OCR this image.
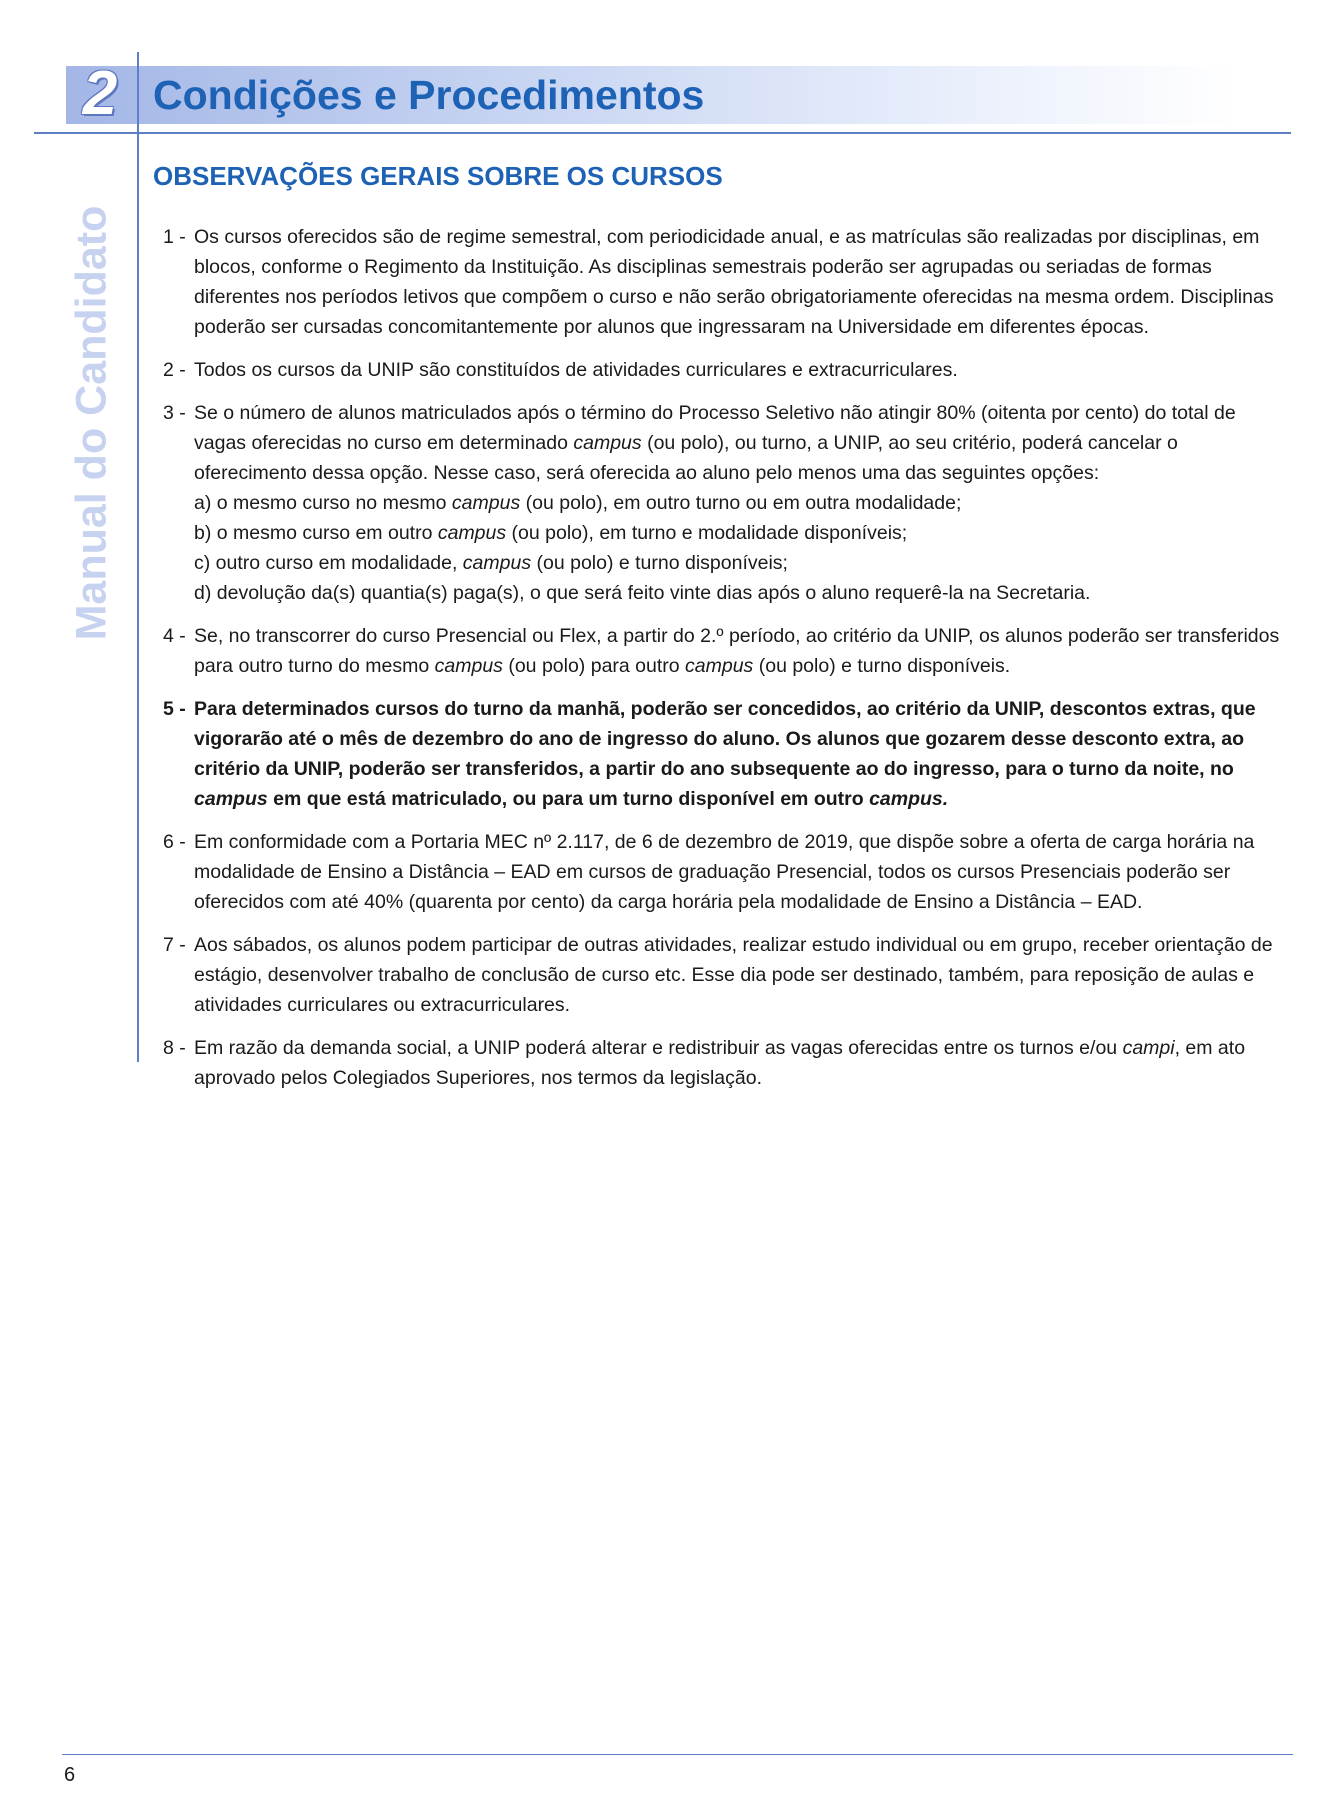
2 Condições e Procedimentos
Manual do Candidato
OBSERVAÇÕES GERAIS SOBRE OS CURSOS
1 - Os cursos oferecidos são de regime semestral, com periodicidade anual, e as matrículas são realizadas por disciplinas, em blocos, conforme o Regimento da Instituição. As disciplinas semestrais poderão ser agrupadas ou seriadas de formas diferentes nos períodos letivos que compõem o curso e não serão obrigatoriamente oferecidas na mesma ordem. Disciplinas poderão ser cursadas concomitantemente por alunos que ingressaram na Universidade em diferentes épocas.

2 - Todos os cursos da UNIP são constituídos de atividades curriculares e extracurriculares.

3 - Se o número de alunos matriculados após o término do Processo Seletivo não atingir 80% (oitenta por cento) do total de vagas oferecidas no curso em determinado campus (ou polo), ou turno, a UNIP, ao seu critério, poderá cancelar o oferecimento dessa opção. Nesse caso, será oferecida ao aluno pelo menos uma das seguintes opções:

a) o mesmo curso no mesmo campus (ou polo), em outro turno ou em outra modalidade;

b) o mesmo curso em outro campus (ou polo), em turno e modalidade disponíveis;

c) outro curso em modalidade, campus (ou polo) e turno disponíveis;

d) devolução da(s) quantia(s) paga(s), o que será feito vinte dias após o aluno requerê-la na Secretaria.

4 - Se, no transcorrer do curso Presencial ou Flex, a partir do 2.º período, ao critério da UNIP, os alunos poderão ser transferidos para outro turno do mesmo campus (ou polo) para outro campus (ou polo) e turno disponíveis.

5 - Para determinados cursos do turno da manhã, poderão ser concedidos, ao critério da UNIP, descontos extras, que vigorarão até o mês de dezembro do ano de ingresso do aluno. Os alunos que gozarem desse desconto extra, ao critério da UNIP, poderão ser transferidos, a partir do ano subsequente ao do ingresso, para o turno da noite, no campus em que está matriculado, ou para um turno disponível em outro campus.

6 - Em conformidade com a Portaria MEC nº 2.117, de 6 de dezembro de 2019, que dispõe sobre a oferta de carga horária na modalidade de Ensino a Distância – EAD em cursos de graduação Presencial, todos os cursos Presenciais poderão ser oferecidos com até 40% (quarenta por cento) da carga horária pela modalidade de Ensino a Distância – EAD.

7 - Aos sábados, os alunos podem participar de outras atividades, realizar estudo individual ou em grupo, receber orientação de estágio, desenvolver trabalho de conclusão de curso etc. Esse dia pode ser destinado, também, para reposição de aulas e atividades curriculares ou extracurriculares.

8 - Em razão da demanda social, a UNIP poderá alterar e redistribuir as vagas oferecidas entre os turnos e/ou campi, em ato aprovado pelos Colegiados Superiores, nos termos da legislação.

6
